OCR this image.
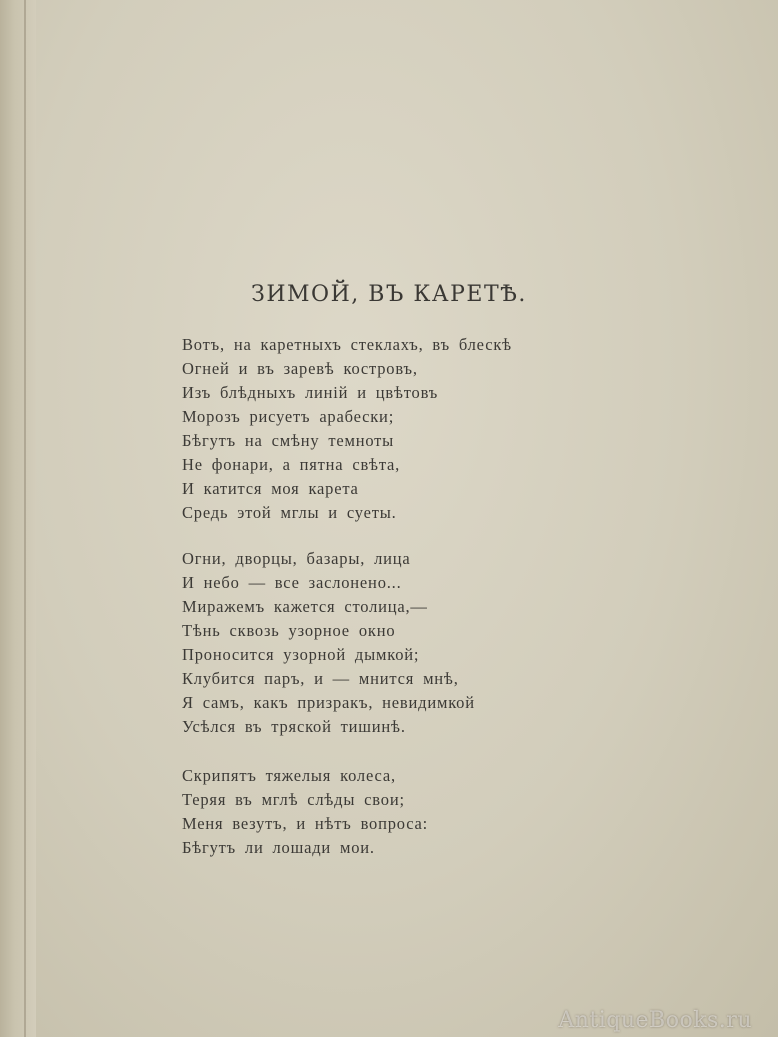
ЗИМОЙ, ВЪ КАРЕТѢ.
Вотъ, на каретныхъ стеклахъ, въ блескѣ
Огней и въ заревѣ костровъ,
Изъ блѣдныхъ линій и цвѣтовъ
Морозъ рисуетъ арабески;
Бѣгутъ на смѣну темноты
Не фонари, а пятна свѣта,
И катится моя карета
Средь этой мглы и суеты.
Огни, дворцы, базары, лица
И небо — все заслонено...
Миражемъ кажется столица,—
Тѣнь сквозь узорное окно
Проносится узорной дымкой;
Клубится паръ, и — мнится мнѣ,
Я самъ, какъ призракъ, невидимкой
Усѣлся въ тряской тишинѣ.
Скрипятъ тяжелыя колеса,
Теряя въ мглѣ слѣды свои;
Меня везутъ, и нѣтъ вопроса:
Бѣгутъ ли лошади мои.
AntiqueBooks.ru
